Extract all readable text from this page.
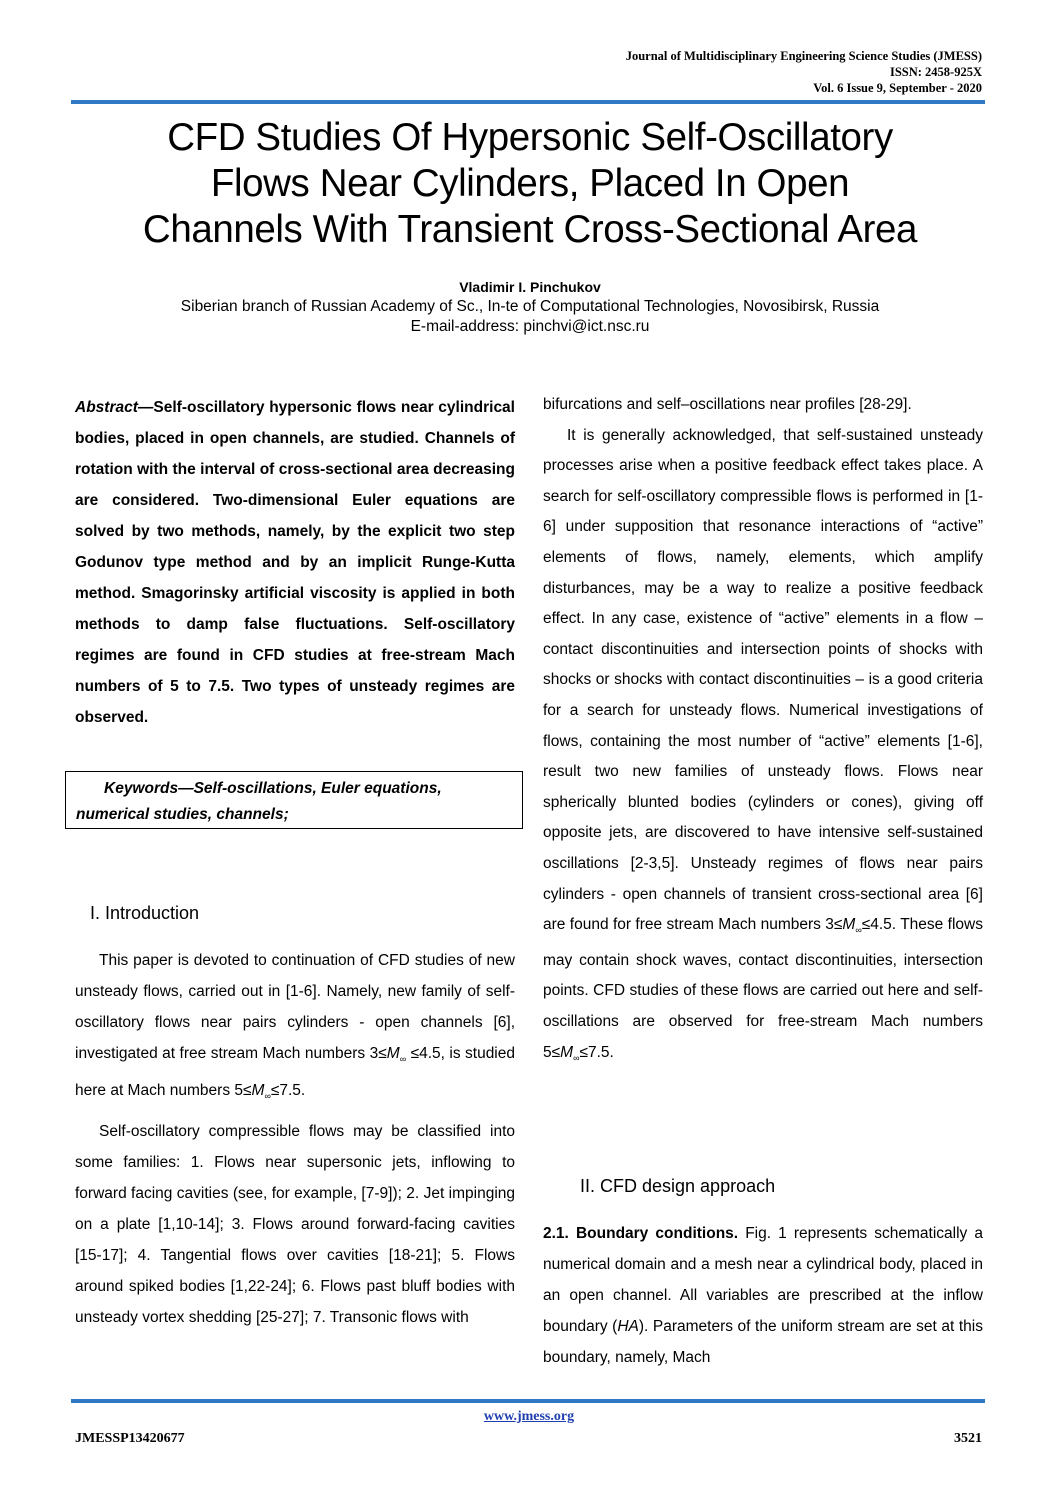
Journal of Multidisciplinary Engineering Science Studies (JMESS)
ISSN: 2458-925X
Vol. 6 Issue 9, September - 2020
CFD Studies Of Hypersonic Self-Oscillatory
Flows Near Cylinders, Placed In Open
Channels With Transient Cross-Sectional Area
Vladimir I. Pinchukov
Siberian branch of Russian Academy of Sc., In-te of Computational Technologies, Novosibirsk, Russia
E-mail-address: pinchvi@ict.nsc.ru
Abstract—Self-oscillatory hypersonic flows near cylindrical bodies, placed in open channels, are studied. Channels of rotation with the interval of cross-sectional area decreasing are considered. Two-dimensional Euler equations are solved by two methods, namely, by the explicit two step Godunov type method and by an implicit Runge-Kutta method. Smagorinsky artificial viscosity is applied in both methods to damp false fluctuations. Self-oscillatory regimes are found in CFD studies at free-stream Mach numbers of 5 to 7.5. Two types of unsteady regimes are observed.
Keywords—Self-oscillations, Euler equations,
numerical studies, channels;
I. Introduction

This paper is devoted to continuation of CFD studies of new unsteady flows, carried out in [1-6]. Namely, new family of self-oscillatory flows near pairs cylinders - open channels [6], investigated at free stream Mach numbers $3\le M_\infty \le 4.5$, is studied here at Mach numbers $5\le M_\infty\le 7.5$.

Self-oscillatory compressible flows may be classified into some families: 1. Flows near supersonic jets, inflowing to forward facing cavities (see, for example, [7-9]); 2. Jet impinging on a plate [1,10-14]; 3. Flows around forward-facing cavities [15-17]; 4. Tangential flows over cavities [18-21]; 5. Flows around spiked bodies [1,22-24]; 6. Flows past bluff bodies with unsteady vortex shedding [25-27]; 7. Transonic flows with

bifurcations and self–oscillations near profiles [28-29].

It is generally acknowledged, that self-sustained unsteady processes arise when a positive feedback effect takes place. A search for self-oscillatory compressible flows is performed in [1-6] under supposition that resonance interactions of “active” elements of flows, namely, elements, which amplify disturbances, may be a way to realize a positive feedback effect. In any case, existence of “active” elements in a flow – contact discontinuities and intersection points of shocks with shocks or shocks with contact discontinuities – is a good criteria for a search for unsteady flows. Numerical investigations of flows, containing the most number of “active” elements [1-6], result two new families of unsteady flows. Flows near spherically blunted bodies (cylinders or cones), giving off opposite jets, are discovered to have intensive self-sustained oscillations [2-3,5]. Unsteady regimes of flows near pairs cylinders - open channels of transient cross-sectional area [6] are found for free stream Mach numbers $3\le M_\infty\le 4.5$. These flows may contain shock waves, contact discontinuities, intersection points. CFD studies of these flows are carried out here and self-oscillations are observed for free-stream Mach numbers $5\le M_\infty\le 7.5$.

II. CFD design approach

2.1. Boundary conditions. Fig. 1 represents schematically a numerical domain and a mesh near a cylindrical body, placed in an open channel. All variables are prescribed at the inflow boundary (HA). Parameters of the uniform stream are set at this boundary, namely, Mach

www.jmess.org
JMESSP13420677	3521
